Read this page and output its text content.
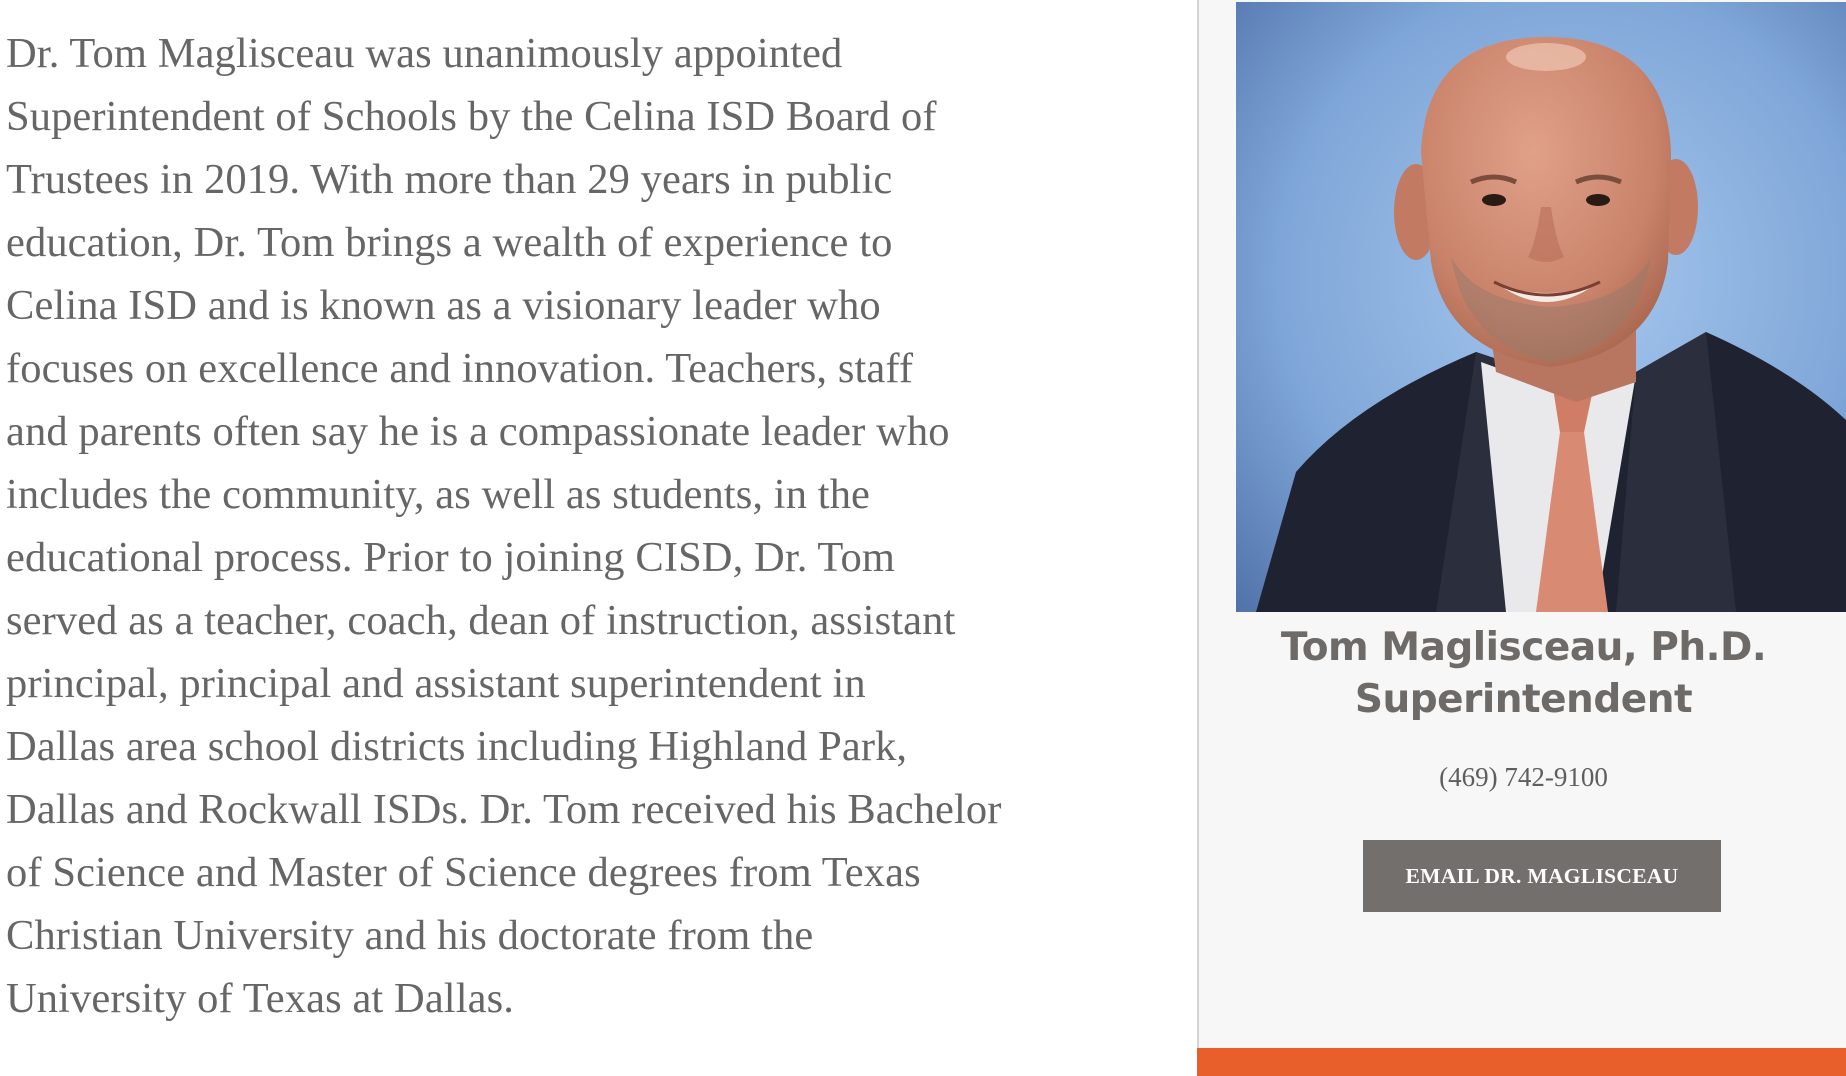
Dr. Tom Maglisceau was unanimously appointed
Superintendent of Schools by the Celina ISD Board of
Trustees in 2019. With more than 29 years in public
education, Dr. Tom brings a wealth of experience to
Celina ISD and is known as a visionary leader who
focuses on excellence and innovation. Teachers, staff
and parents often say he is a compassionate leader who
includes the community, as well as students, in the
educational process. Prior to joining CISD, Dr. Tom
served as a teacher, coach, dean of instruction, assistant
principal, principal and assistant superintendent in
Dallas area school districts including Highland Park,
Dallas and Rockwall ISDs. Dr. Tom received his Bachelor
of Science and Master of Science degrees from Texas
Christian University and his doctorate from the
University of Texas at Dallas.

Tom Maglisceau, Ph.D.
Superintendent
(469) 742-9100
EMAIL DR. MAGLISCEAU
